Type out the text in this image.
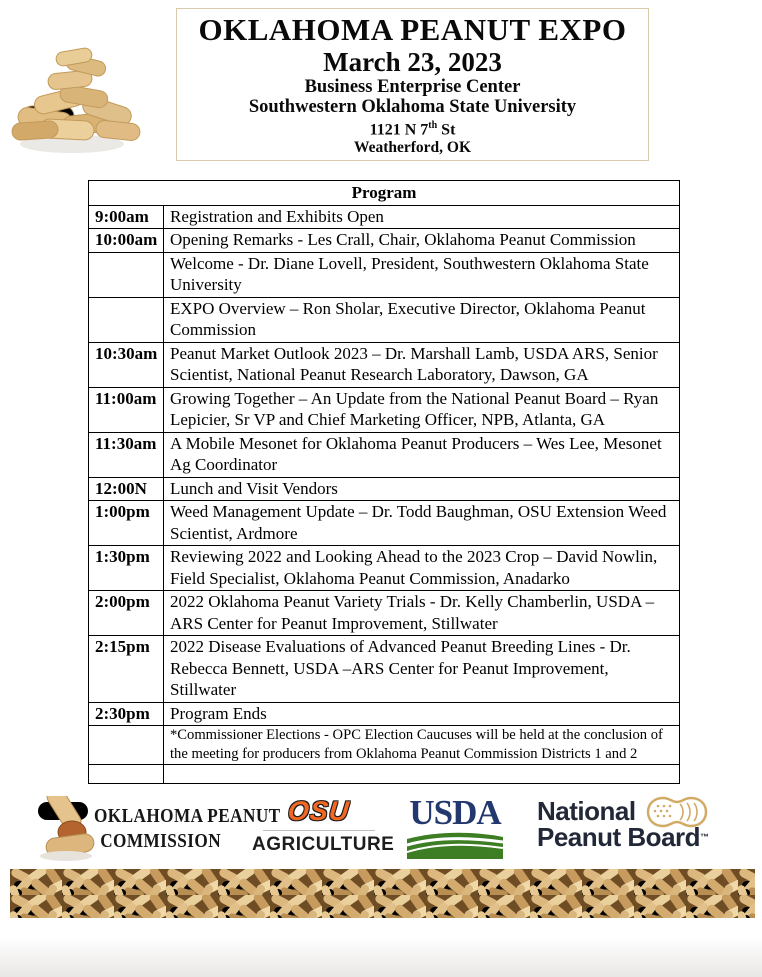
OKLAHOMA PEANUT EXPO
March 23, 2023
Business Enterprise Center
Southwestern Oklahoma State University
1121 N 7th St
Weatherford, OK
Program	
9:00am	Registration and Exhibits Open
10:00am	Opening Remarks - Les Crall, Chair, Oklahoma Peanut Commission
	Welcome - Dr. Diane Lovell, President, Southwestern Oklahoma State University
	EXPO Overview – Ron Sholar, Executive Director, Oklahoma Peanut Commission
10:30am	Peanut Market Outlook 2023 – Dr. Marshall Lamb, USDA ARS, Senior Scientist, National Peanut Research Laboratory, Dawson, GA
11:00am	Growing Together – An Update from the National Peanut Board – Ryan Lepicier, Sr VP and Chief Marketing Officer, NPB, Atlanta, GA
11:30am	A Mobile Mesonet for Oklahoma Peanut Producers – Wes Lee, Mesonet Ag Coordinator
12:00N	Lunch and Visit Vendors
1:00pm	Weed Management Update – Dr. Todd Baughman, OSU Extension Weed Scientist, Ardmore
1:30pm	Reviewing 2022 and Looking Ahead to the 2023 Crop – David Nowlin, Field Specialist, Oklahoma Peanut Commission, Anadarko
2:00pm	2022 Oklahoma Peanut Variety Trials - Dr. Kelly Chamberlin, USDA –ARS Center for Peanut Improvement, Stillwater
2:15pm	2022 Disease Evaluations of Advanced Peanut Breeding Lines - Dr. Rebecca Bennett, USDA –ARS Center for Peanut Improvement, Stillwater
2:30pm	Program Ends
	*Commissioner Elections - OPC Election Caucuses will be held at the conclusion of the meeting for producers from Oklahoma Peanut Commission Districts 1 and 2

OKLAHOMA PEANUT
COMMISSION
OSU
AGRICULTURE
USDA National
Peanut Board™
